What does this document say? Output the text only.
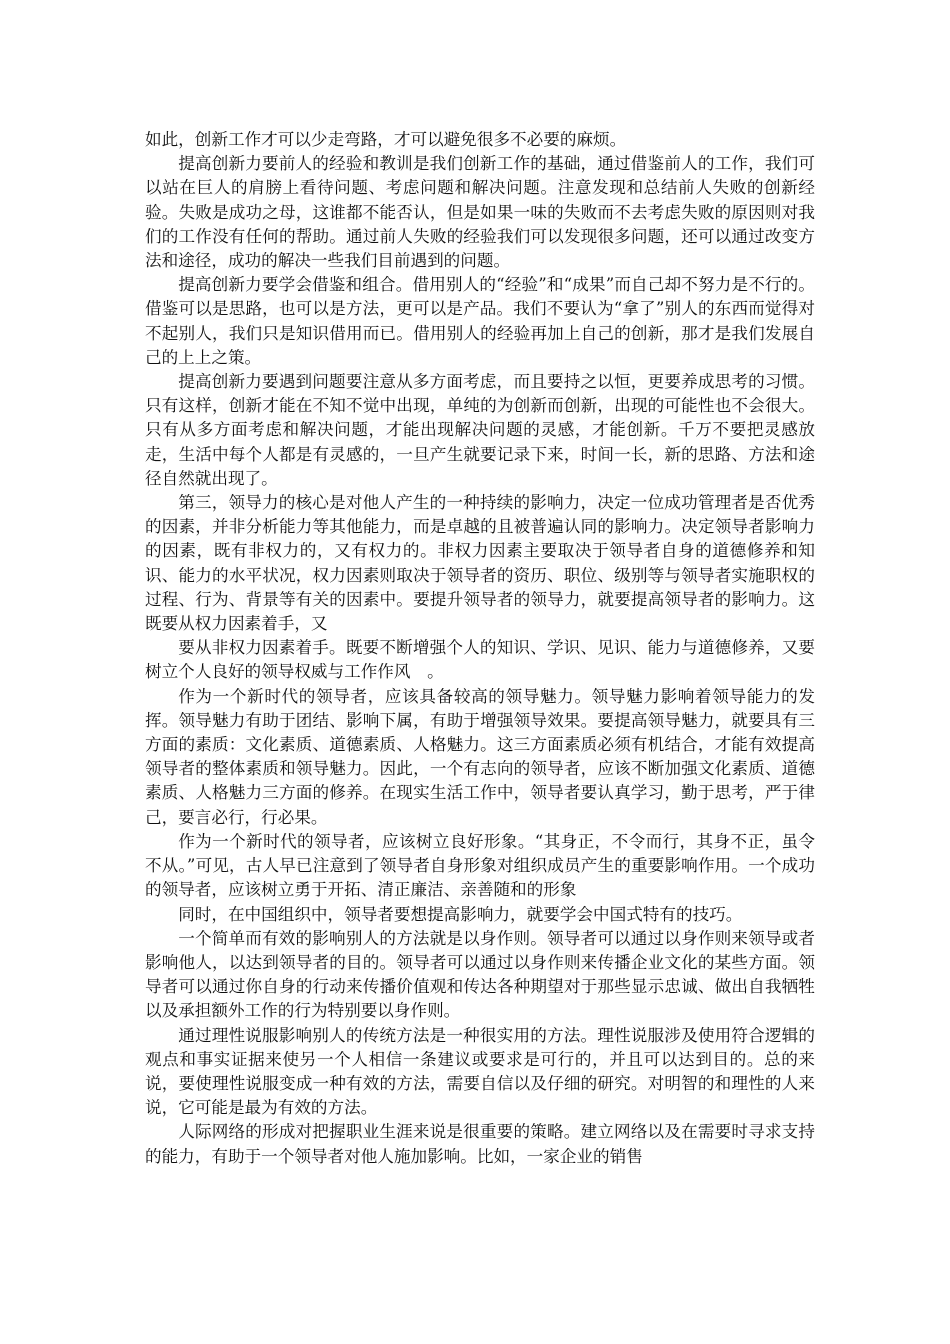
如此，创新工作才可以少走弯路，才可以避免很多不必要的麻烦。

提高创新力要前人的经验和教训是我们创新工作的基础，通过借鉴前人的工作，我们可以站在巨人的肩膀上看待问题、考虑问题和解决问题。注意发现和总结前人失败的创新经验。失败是成功之母，这谁都不能否认，但是如果一味的失败而不去考虑失败的原因则对我们的工作没有任何的帮助。通过前人失败的经验我们可以发现很多问题，还可以通过改变方法和途径，成功的解决一些我们目前遇到的问题。

提高创新力要学会借鉴和组合。借用别人的“经验”和“成果”而自己却不努力是不行的。借鉴可以是思路，也可以是方法，更可以是产品。我们不要认为“拿了”别人的东西而觉得对不起别人，我们只是知识借用而已。借用别人的经验再加上自己的创新，那才是我们发展自己的上上之策。

提高创新力要遇到问题要注意从多方面考虑，而且要持之以恒，更要养成思考的习惯。只有这样，创新才能在不知不觉中出现，单纯的为创新而创新，出现的可能性也不会很大。只有从多方面考虑和解决问题，才能出现解决问题的灵感，才能创新。千万不要把灵感放走，生活中每个人都是有灵感的，一旦产生就要记录下来，时间一长，新的思路、方法和途径自然就出现了。

第三，领导力的核心是对他人产生的一种持续的影响力，决定一位成功管理者是否优秀的因素，并非分析能力等其他能力，而是卓越的且被普遍认同的影响力。决定领导者影响力的因素，既有非权力的，又有权力的。非权力因素主要取决于领导者自身的道德修养和知识、能力的水平状况，权力因素则取决于领导者的资历、职位、级别等与领导者实施职权的过程、行为、背景等有关的因素中。要提升领导者的领导力，就要提高领导者的影响力。这既要从权力因素着手，又

要从非权力因素着手。既要不断增强个人的知识、学识、见识、能力与道德修养，又要树立个人良好的领导权威与工作作风　。

作为一个新时代的领导者，应该具备较高的领导魅力。领导魅力影响着领导能力的发挥。领导魅力有助于团结、影响下属，有助于增强领导效果。要提高领导魅力，就要具有三方面的素质：文化素质、道德素质、人格魅力。这三方面素质必须有机结合，才能有效提高领导者的整体素质和领导魅力。因此，一个有志向的领导者，应该不断加强文化素质、道德素质、人格魅力三方面的修养。在现实生活工作中，领导者要认真学习，勤于思考，严于律己，要言必行，行必果。

作为一个新时代的领导者，应该树立良好形象。“其身正，不令而行，其身不正，虽令不从。”可见，古人早已注意到了领导者自身形象对组织成员产生的重要影响作用。一个成功的领导者，应该树立勇于开拓、清正廉洁、亲善随和的形象

同时，在中国组织中，领导者要想提高影响力，就要学会中国式特有的技巧。

一个简单而有效的影响别人的方法就是以身作则。领导者可以通过以身作则来领导或者影响他人，以达到领导者的目的。领导者可以通过以身作则来传播企业文化的某些方面。领导者可以通过你自身的行动来传播价值观和传达各种期望对于那些显示忠诚、做出自我牺牲以及承担额外工作的行为特别要以身作则。

通过理性说服影响别人的传统方法是一种很实用的方法。理性说服涉及使用符合逻辑的观点和事实证据来使另一个人相信一条建议或要求是可行的，并且可以达到目的。总的来说，要使理性说服变成一种有效的方法，需要自信以及仔细的研究。对明智的和理性的人来说，它可能是最为有效的方法。

人际网络的形成对把握职业生涯来说是很重要的策略。建立网络以及在需要时寻求支持的能力，有助于一个领导者对他人施加影响。比如，一家企业的销售
